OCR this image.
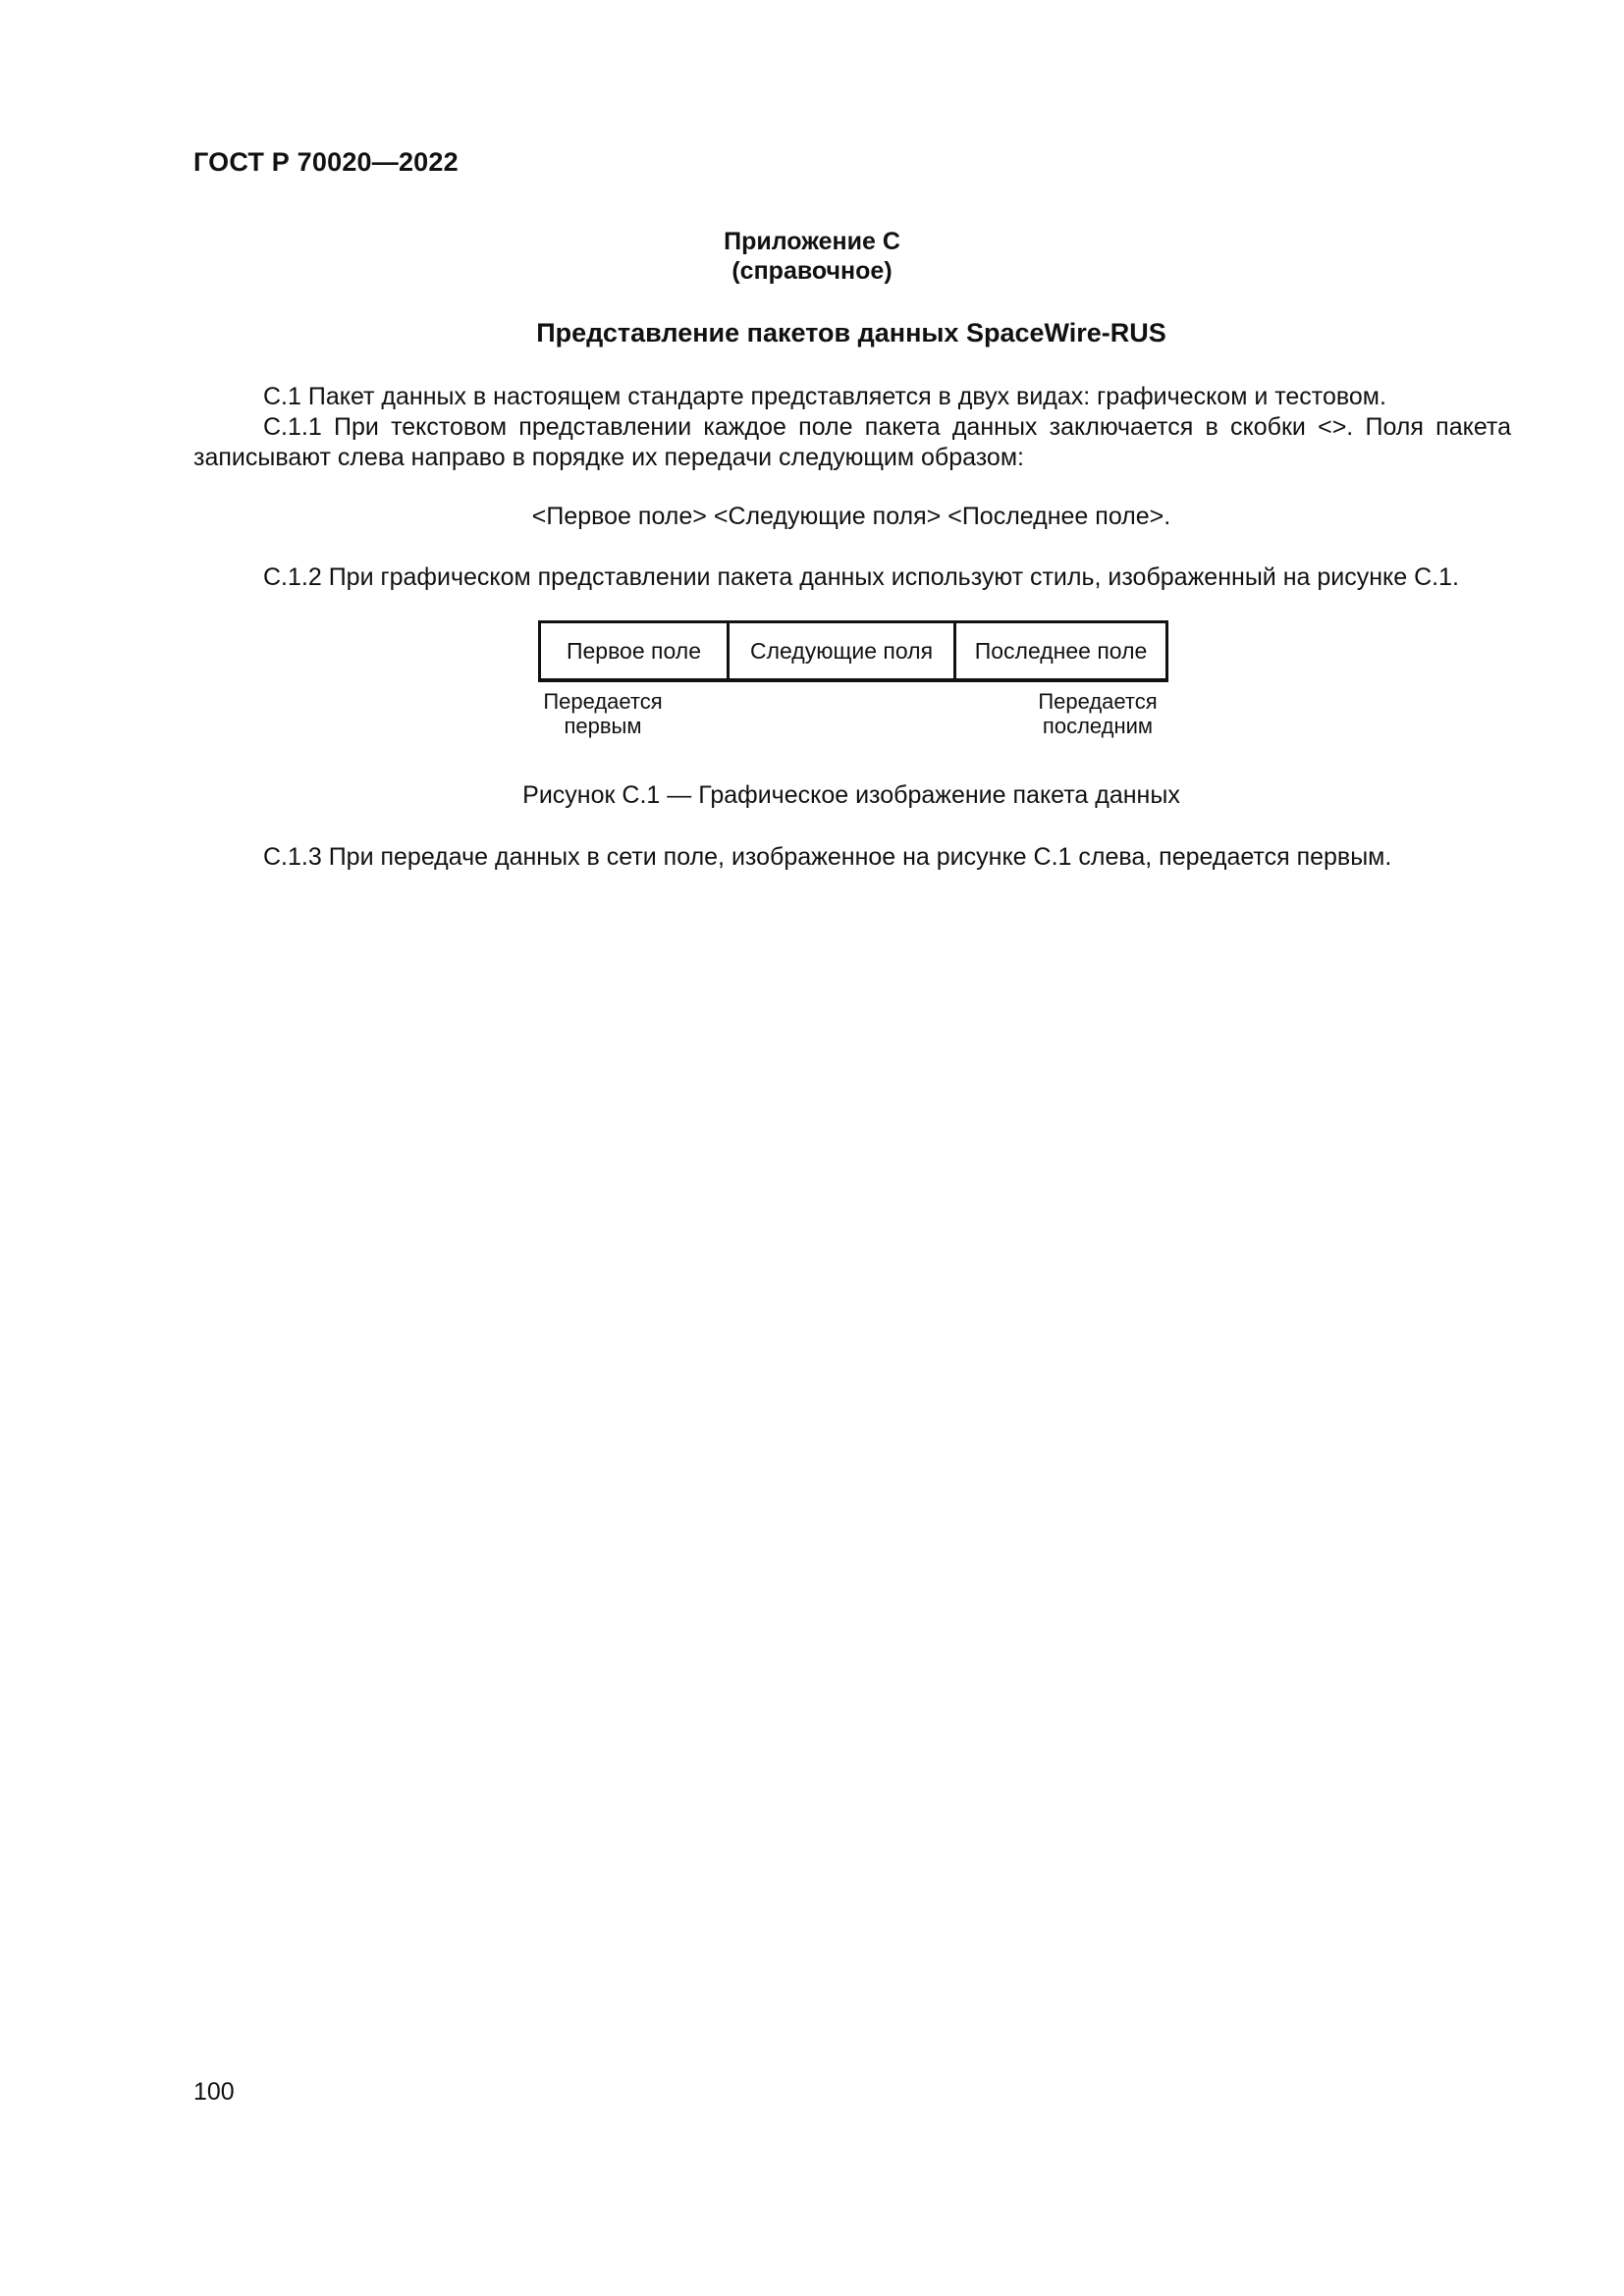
ГОСТ Р 70020—2022
Приложение С
(справочное)
Представление пакетов данных SpaceWire-RUS
С.1 Пакет данных в настоящем стандарте представляется в двух видах: графическом и тестовом.
С.1.1 При текстовом представлении каждое поле пакета данных заключается в скобки <>. Поля пакета записывают слева направо в порядке их передачи следующим образом:
<Первое поле> <Следующие поля> <Последнее поле>.
С.1.2 При графическом представлении пакета данных используют стиль, изображенный на рисунке С.1.
Первое поле	Следующие поля	Последнее поле
Передается
первым
Передается
последним
Рисунок С.1 — Графическое изображение пакета данных
С.1.3 При передаче данных в сети поле, изображенное на рисунке С.1 слева, передается первым.
100
